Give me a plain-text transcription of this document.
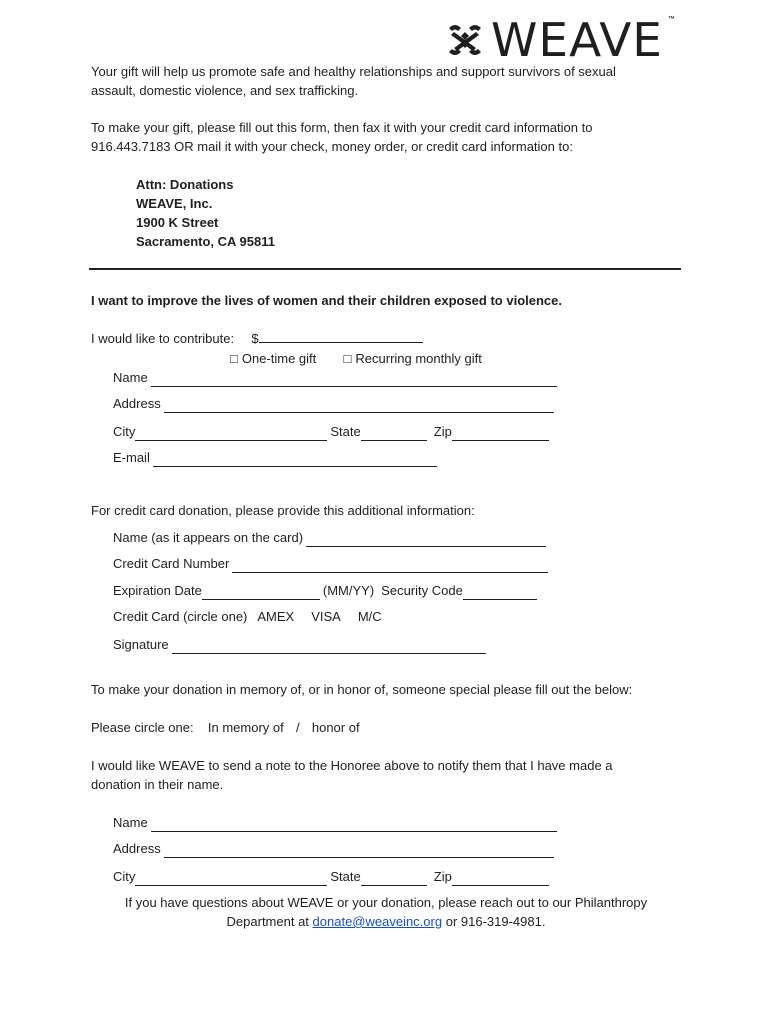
WEAVE ™
Your gift will help us promote safe and healthy relationships and support survivors of sexual assault, domestic violence, and sex trafficking.
To make your gift, please fill out this form, then fax it with your credit card information to 916.443.7183 OR mail it with your check, money order, or credit card information to:
Attn: Donations
WEAVE, Inc.
1900 K Street
Sacramento, CA 95811
I want to improve the lives of women and their children exposed to violence.
I would like to contribute: $
□ One-time gift □ Recurring monthly gift
Name
Address
City	State	Zip
E-mail
For credit card donation, please provide this additional information:
Name (as it appears on the card)
Credit Card Number
Expiration Date	(MM/YY) Security Code
Credit Card (circle one) AMEX VISA M/C
Signature
To make your donation in memory of, or in honor of, someone special please fill out the below:
Please circle one: In memory of / honor of
I would like WEAVE to send a note to the Honoree above to notify them that I have made a donation in their name.
Name
Address
City	State	Zip
If you have questions about WEAVE or your donation, please reach out to our Philanthropy
Department at donate@weaveinc.org or 916-319-4981.
